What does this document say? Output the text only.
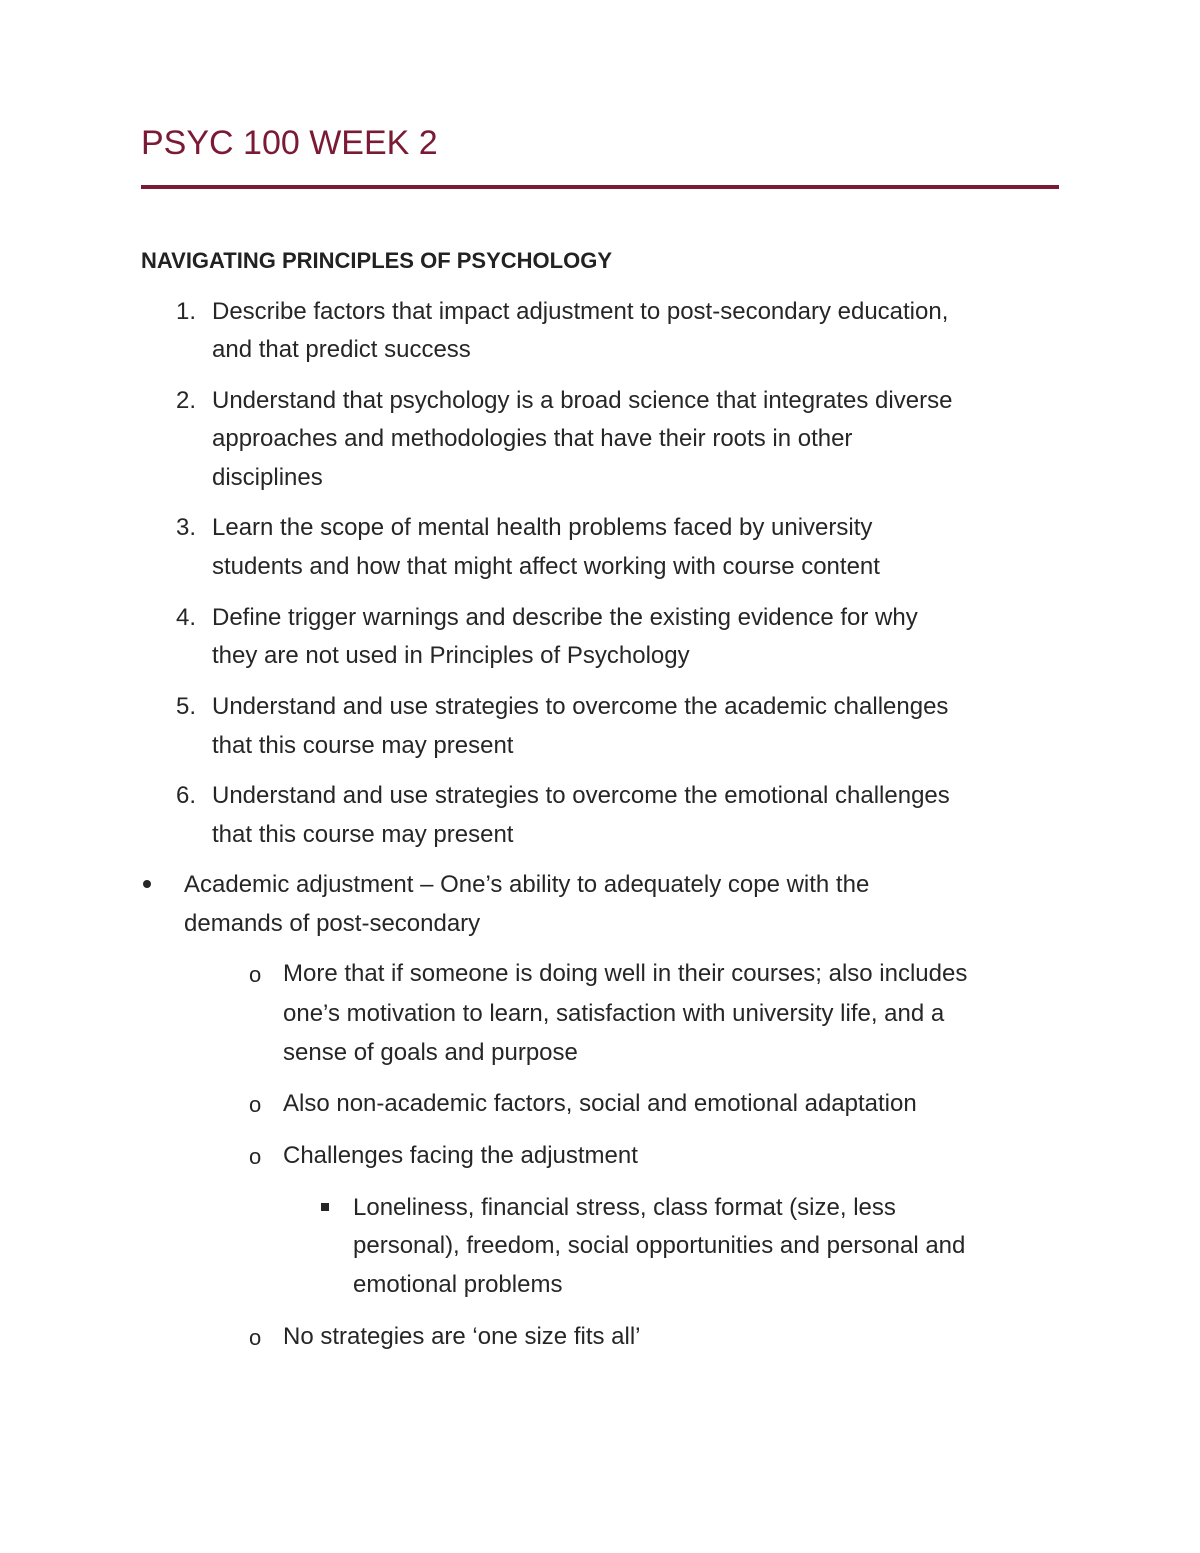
PSYC 100 WEEK 2
NAVIGATING PRINCIPLES OF PSYCHOLOGY
1. Describe factors that impact adjustment to post-secondary education,
and that predict success
2. Understand that psychology is a broad science that integrates diverse
approaches and methodologies that have their roots in other
disciplines
3. Learn the scope of mental health problems faced by university
students and how that might affect working with course content
4. Define trigger warnings and describe the existing evidence for why
they are not used in Principles of Psychology
5. Understand and use strategies to overcome the academic challenges
that this course may present
6. Understand and use strategies to overcome the emotional challenges
that this course may present
Academic adjustment – One’s ability to adequately cope with the
demands of post-secondary
o More that if someone is doing well in their courses; also includes
one’s motivation to learn, satisfaction with university life, and a
sense of goals and purpose
o Also non-academic factors, social and emotional adaptation
o Challenges facing the adjustment
Loneliness, financial stress, class format (size, less
personal), freedom, social opportunities and personal and
emotional problems
o No strategies are ‘one size fits all’
